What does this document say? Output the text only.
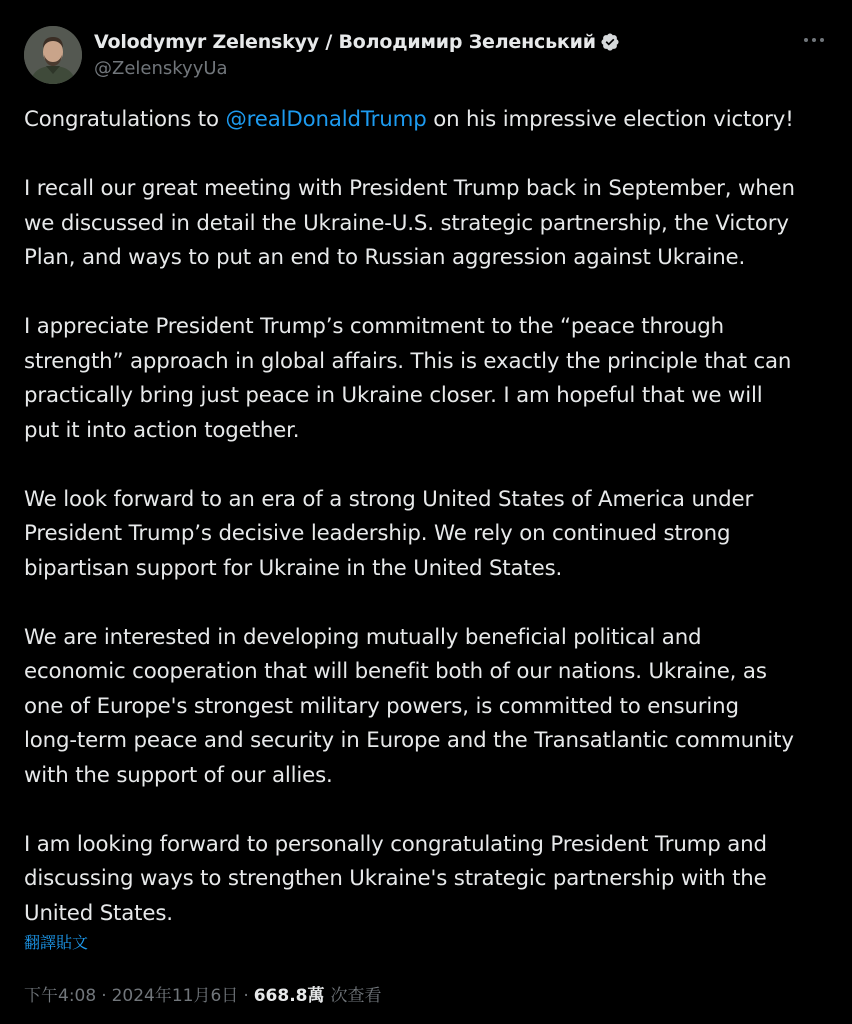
Volodymyr Zelenskyy / Володимир Зеленський
@ZelenskyyUa
Congratulations to @realDonaldTrump on his impressive election victory!
I recall our great meeting with President Trump back in September, when
we discussed in detail the Ukraine-U.S. strategic partnership, the Victory
Plan, and ways to put an end to Russian aggression against Ukraine.
I appreciate President Trump’s commitment to the “peace through
strength” approach in global affairs. This is exactly the principle that can
practically bring just peace in Ukraine closer. I am hopeful that we will
put it into action together.
We look forward to an era of a strong United States of America under
President Trump’s decisive leadership. We rely on continued strong
bipartisan support for Ukraine in the United States.
We are interested in developing mutually beneficial political and
economic cooperation that will benefit both of our nations. Ukraine, as
one of Europe's strongest military powers, is committed to ensuring
long-term peace and security in Europe and the Transatlantic community
with the support of our allies.
I am looking forward to personally congratulating President Trump and
discussing ways to strengthen Ukraine's strategic partnership with the
United States.
翻譯貼文
下午4:08 · 2024年11月6日 · 668.8萬 次查看
